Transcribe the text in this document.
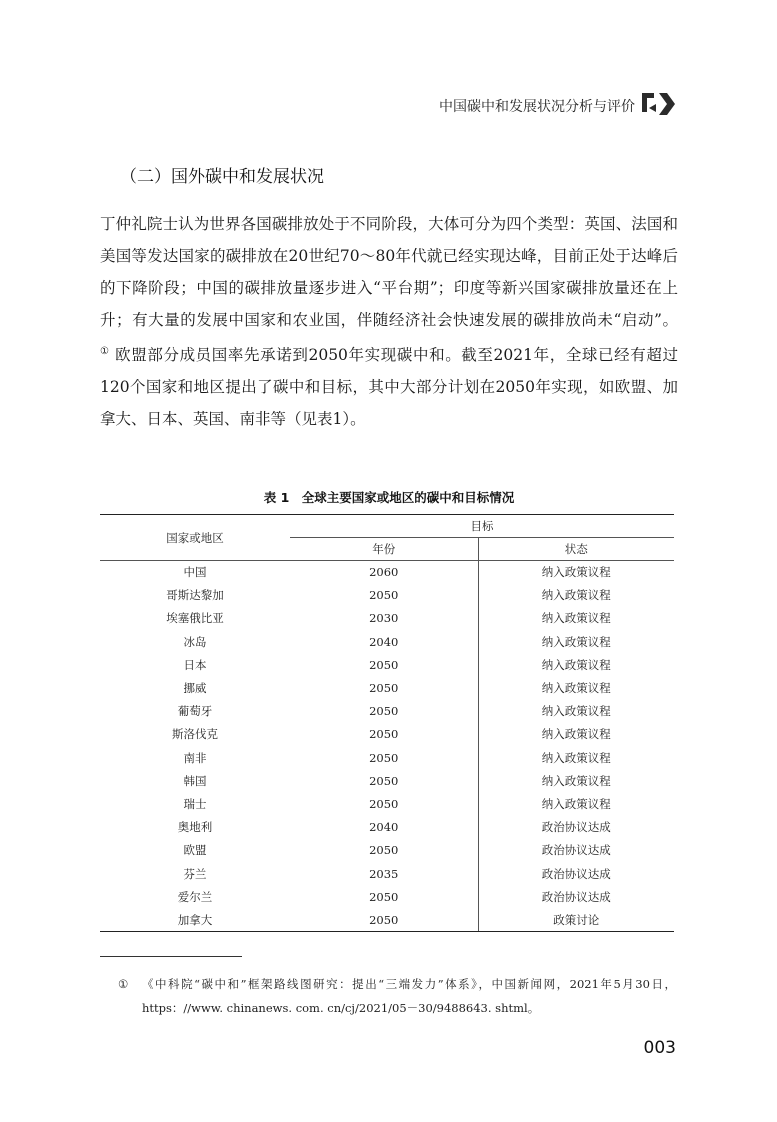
中国碳中和发展状况分析与评价
（二）国外碳中和发展状况
丁仲礼院士认为世界各国碳排放处于不同阶段，大体可分为四个类型：英国、法国和美国等发达国家的碳排放在20世纪70～80年代就已经实现达峰，目前正处于达峰后的下降阶段；中国的碳排放量逐步进入“平台期”；印度等新兴国家碳排放量还在上升；有大量的发展中国家和农业国，伴随经济社会快速发展的碳排放尚未“启动”。① 欧盟部分成员国率先承诺到2050年实现碳中和。截至2021年，全球已经有超过120个国家和地区提出了碳中和目标，其中大部分计划在2050年实现，如欧盟、加拿大、日本、英国、南非等（见表1）。
表 1　全球主要国家或地区的碳中和目标情况
国家或地区	目标	
	年份	状态
中国	2060	纳入政策议程
哥斯达黎加	2050	纳入政策议程
埃塞俄比亚	2030	纳入政策议程
冰岛	2040	纳入政策议程
日本	2050	纳入政策议程
挪威	2050	纳入政策议程
葡萄牙	2050	纳入政策议程
斯洛伐克	2050	纳入政策议程
南非	2050	纳入政策议程
韩国	2050	纳入政策议程
瑞士	2050	纳入政策议程
奥地利	2040	政治协议达成
欧盟	2050	政治协议达成
芬兰	2035	政治协议达成
爱尔兰	2050	政治协议达成
加拿大	2050	政策讨论
①	《中科院“碳中和”框架路线图研究：提出“三端发力”体系》，中国新闻网，2021年5月30日，https：//www. chinanews. com. cn/cj/2021/05－30/9488643. shtml。
003
